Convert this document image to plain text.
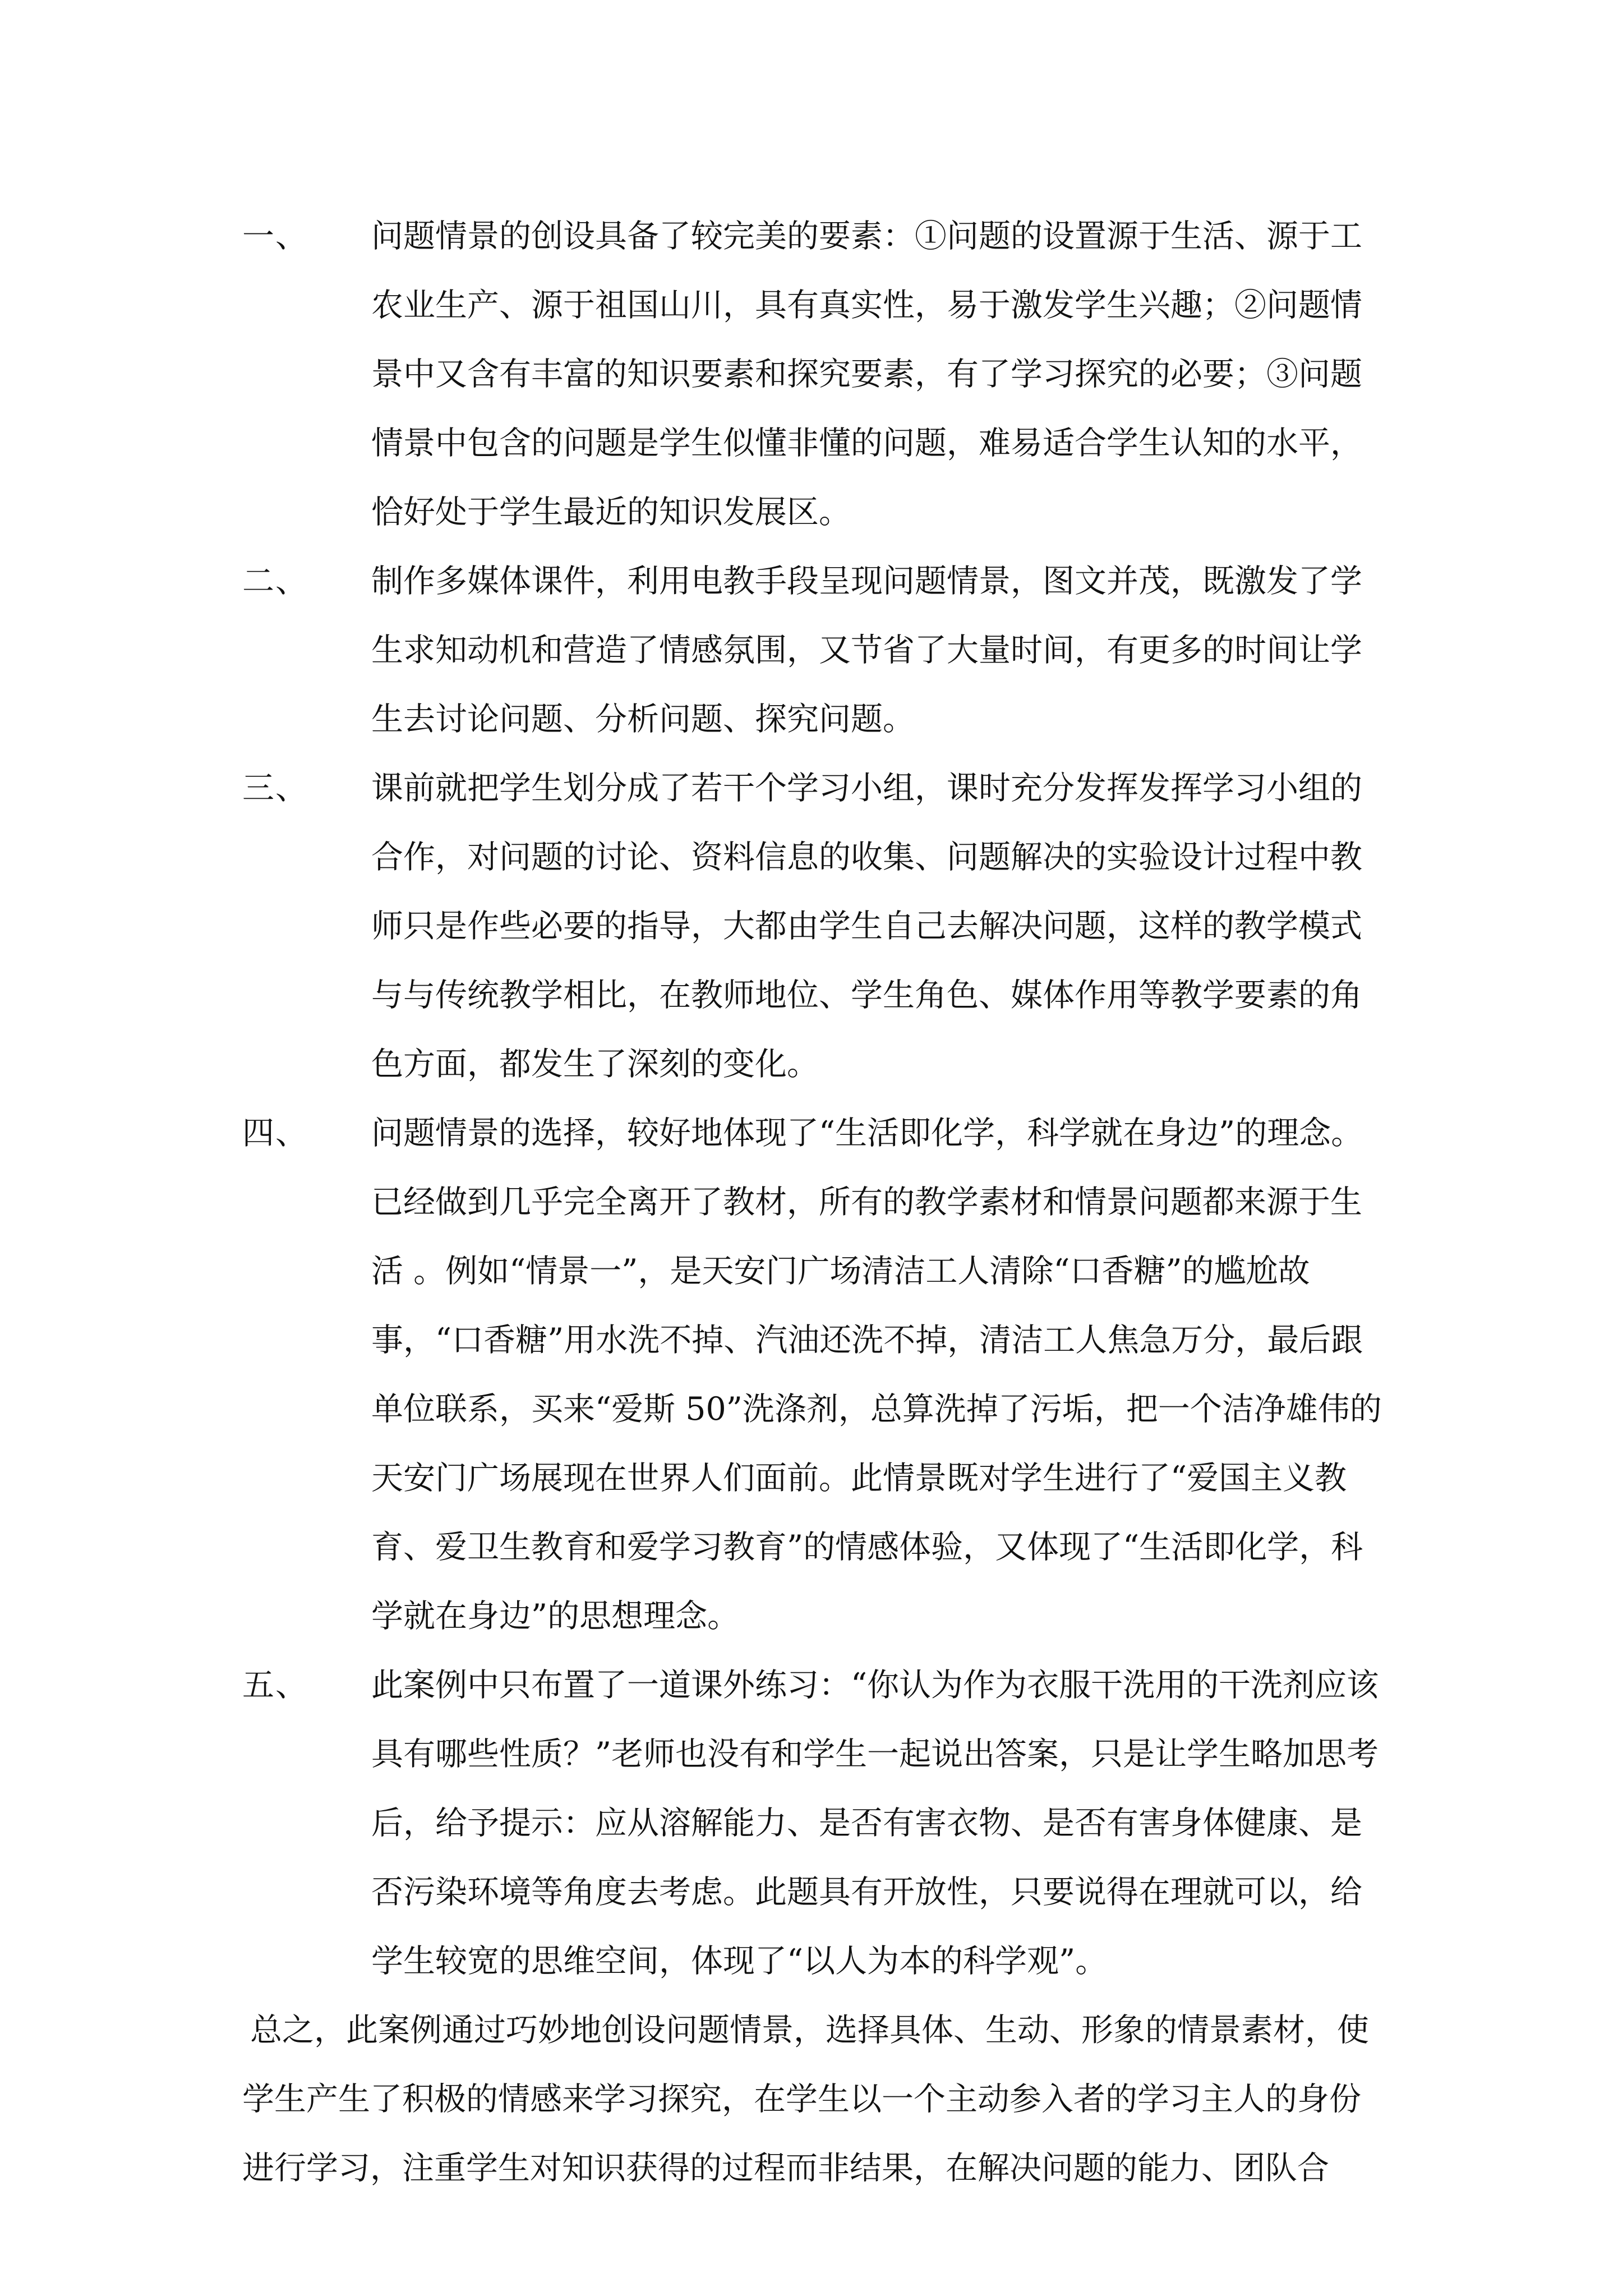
一、	问题情景的创设具备了较完美的要素：①问题的设置源于生活、源于工农业生产、源于祖国山川，具有真实性，易于激发学生兴趣；②问题情景中又含有丰富的知识要素和探究要素，有了学习探究的必要；③问题情景中包含的问题是学生似懂非懂的问题，难易适合学生认知的水平，恰好处于学生最近的知识发展区。
二、	制作多媒体课件，利用电教手段呈现问题情景，图文并茂，既激发了学生求知动机和营造了情感氛围，又节省了大量时间，有更多的时间让学生去讨论问题、分析问题、探究问题。
三、	课前就把学生划分成了若干个学习小组，课时充分发挥发挥学习小组的合作，对问题的讨论、资料信息的收集、问题解决的实验设计过程中教师只是作些必要的指导，大都由学生自己去解决问题，这样的教学模式与与传统教学相比，在教师地位、学生角色、媒体作用等教学要素的角色方面，都发生了深刻的变化。
四、	问题情景的选择，较好地体现了“生活即化学，科学就在身边”的理念。已经做到几乎完全离开了教材，所有的教学素材和情景问题都来源于生活 。例如“情景一”，是天安门广场清洁工人清除“口香糖”的尴尬故事，“口香糖”用水洗不掉、汽油还洗不掉，清洁工人焦急万分，最后跟单位联系，买来“爱斯 50”洗涤剂，总算洗掉了污垢，把一个洁净雄伟的天安门广场展现在世界人们面前。此情景既对学生进行了“爱国主义教育、爱卫生教育和爱学习教育”的情感体验，又体现了“生活即化学，科学就在身边”的思想理念。
五、	此案例中只布置了一道课外练习：“你认为作为衣服干洗用的干洗剂应该具有哪些性质？”老师也没有和学生一起说出答案，只是让学生略加思考后，给予提示：应从溶解能力、是否有害衣物、是否有害身体健康、是否污染环境等角度去考虑。此题具有开放性，只要说得在理就可以，给学生较宽的思维空间，体现了“以人为本的科学观”。
总之，此案例通过巧妙地创设问题情景，选择具体、生动、形象的情景素材，使学生产生了积极的情感来学习探究，在学生以一个主动参入者的学习主人的身份进行学习，注重学生对知识获得的过程而非结果，在解决问题的能力、团队合
